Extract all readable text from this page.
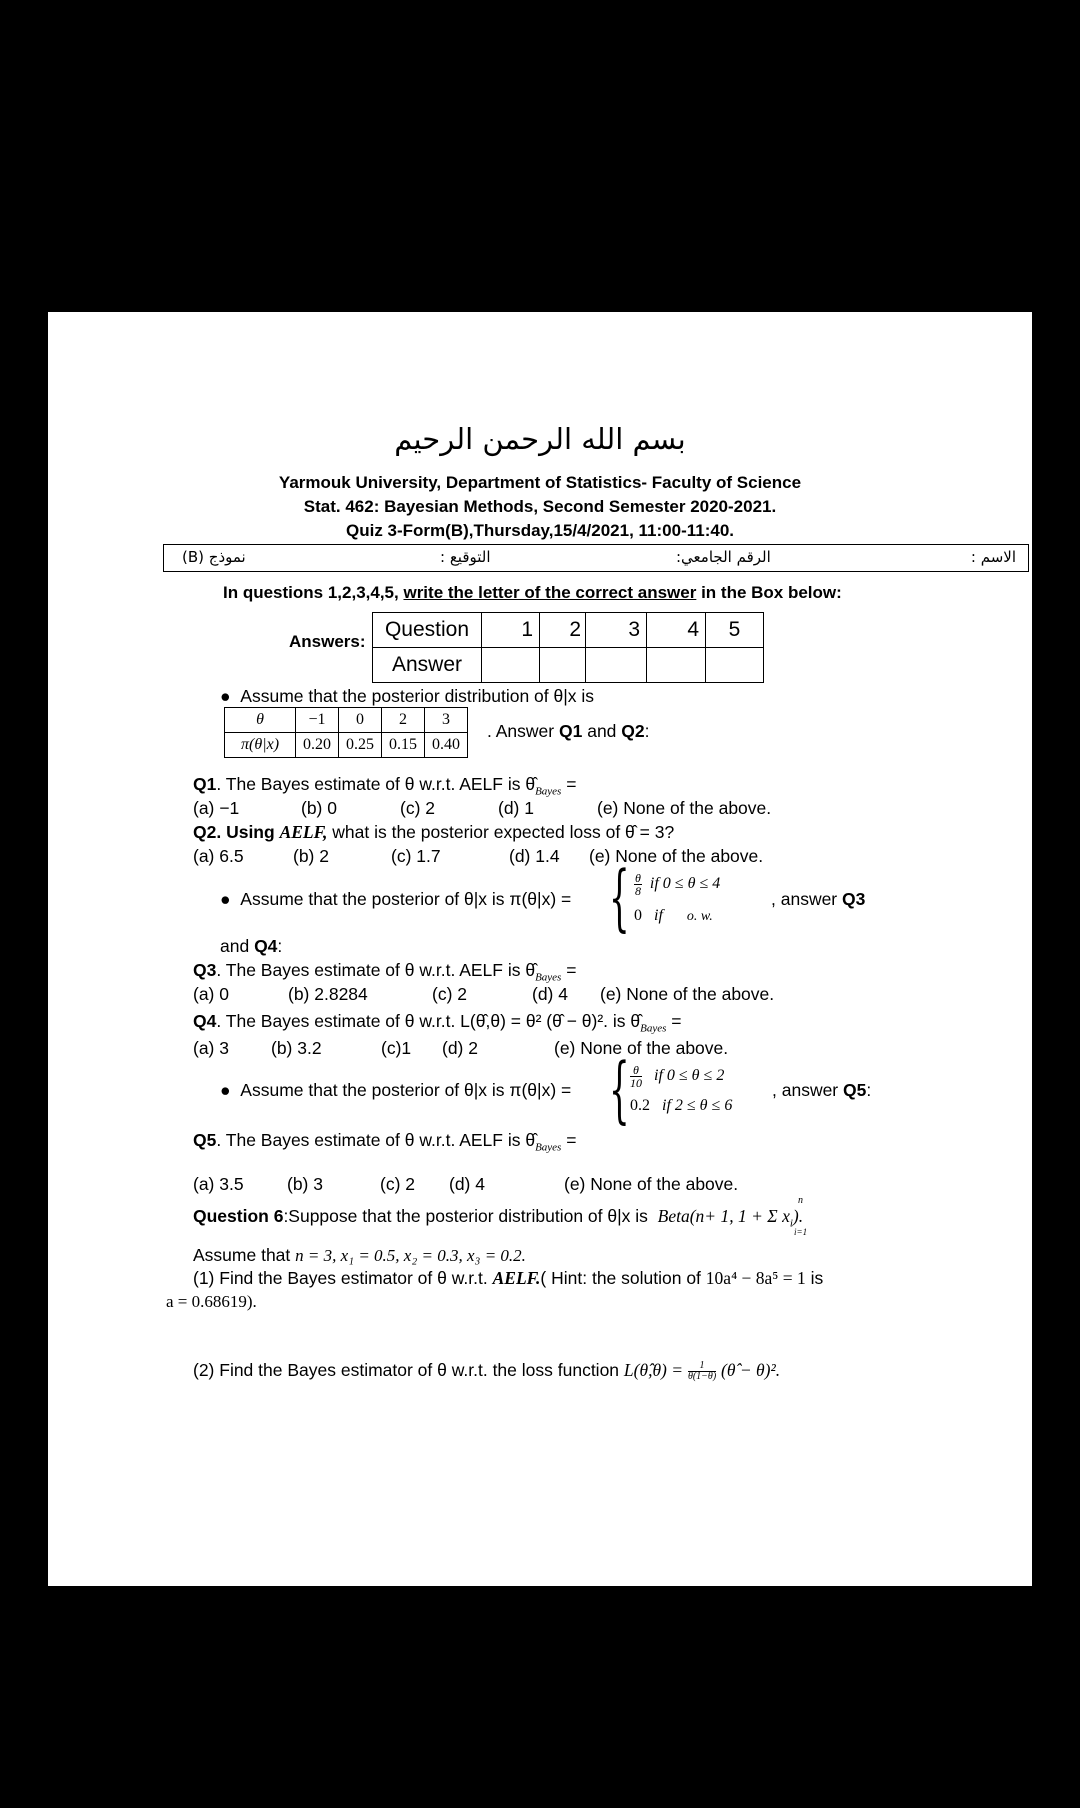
بسم الله الرحمن الرحيم
Yarmouk University, Department of Statistics- Faculty of Science
Stat. 462: Bayesian Methods, Second Semester 2020-2021.
Quiz 3-Form(B),Thursday,15/4/2021, 11:00-11:40.
الاسم :
الرقم الجامعي:
التوقيع :
نموذج (B)
In questions 1,2,3,4,5, write the letter of the correct answer in the Box below:
Answers:
Question	1	2	3	4	5
Answer					
●  Assume that the posterior distribution of θ|x is
θ	−1	0	2	3
π(θ|x)	0.20	0.25	0.15	0.40
. Answer Q1 and Q2:
Q1. The Bayes estimate of θ w.r.t. AELF is $\thetâ_{Bayes}$ =
(a) −1	(b) 0	(c) 2	(d) 1	(e) None of the above.
Q2. Using AELF, what is the posterior expected loss of θ̂ = 3?
(a) 6.5	(b) 2	(c) 1.7	(d) 1.4 (e) None of the above.
●  Assume that the posterior of θ|x is π(θ|x) = { $\frac{\theta}{8}$ if 0 ≤ θ ≤ 4
0 if o. w.
, answer Q3
and Q4:
Q3. The Bayes estimate of θ w.r.t. AELF is $\thetâ_{Bayes}$ =
(a) 0	(b) 2.8284	(c) 2	(d) 4 (e) None of the above.
Q4. The Bayes estimate of θ w.r.t. L(θ̂,θ) = θ² (θ̂ − θ)². is $\thetâ_{Bayes}$ =
(a) 3 (b) 3.2	(c)1 (d) 2	(e) None of the above.
●  Assume that the posterior of θ|x is π(θ|x) = { $\frac{\theta}{10}$ if 0 ≤ θ ≤ 2
0.2 if 2 ≤ θ ≤ 6
, answer Q5:
Q5. The Bayes estimate of θ w.r.t. AELF is $\thetâ_{Bayes}$ =
(a) 3.5 (b) 3	(c) 2 (d) 4	(e) None of the above.
Question 6:Suppose that the posterior distribution of θ|x is Beta(n+ 1, 1 + Σ $x_i$).
n
i=1
Assume that n = 3, x₁ = 0.5, x₂ = 0.3, x₃ = 0.2.
(1) Find the Bayes estimator of θ w.r.t. AELF.( Hint: the solution of 10a⁴ − 8a⁵ = 1 is
a = 0.68619).
(2) Find the Bayes estimator of θ w.r.t. the loss function L(θ̂,θ) = $\frac{1}{\theta(1-\theta)}$ (θ̂ − θ)².
